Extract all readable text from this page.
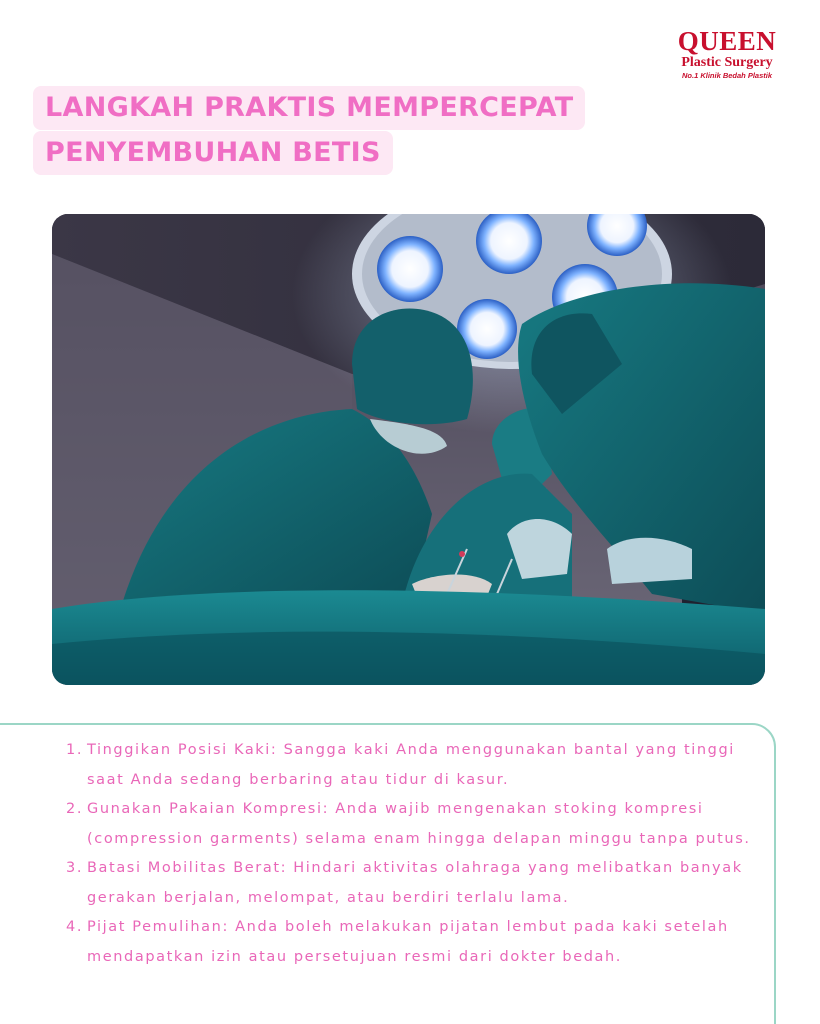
QUEEN
Plastic Surgery
No.1 Klinik Bedah Plastik
LANGKAH PRAKTIS MEMPERCEPAT
PENYEMBUHAN BETIS
1. Tinggikan Posisi Kaki: Sangga kaki Anda menggunakan bantal yang tinggi saat Anda sedang berbaring atau tidur di kasur.
2. Gunakan Pakaian Kompresi: Anda wajib mengenakan stoking kompresi (compression garments) selama enam hingga delapan minggu tanpa putus.
3. Batasi Mobilitas Berat: Hindari aktivitas olahraga yang melibatkan banyak gerakan berjalan, melompat, atau berdiri terlalu lama.
4. Pijat Pemulihan: Anda boleh melakukan pijatan lembut pada kaki setelah mendapatkan izin atau persetujuan resmi dari dokter bedah.
